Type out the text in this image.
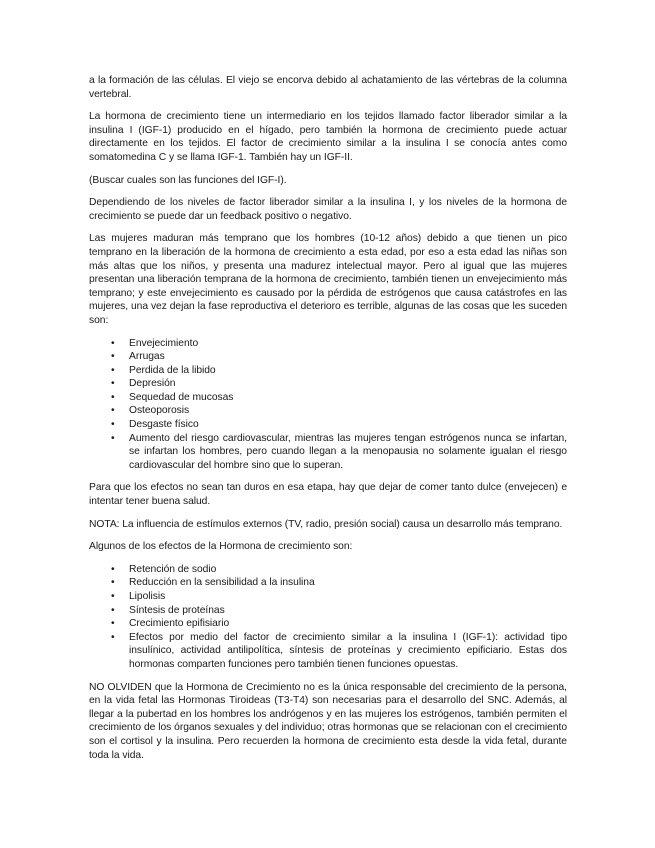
a la formación de las células. El viejo se encorva debido al achatamiento de las vértebras de la columna vertebral.

La hormona de crecimiento tiene un intermediario en los tejidos llamado factor liberador similar a la insulina I (IGF-1) producido en el hígado, pero también la hormona de crecimiento puede actuar directamente en los tejidos. El factor de crecimiento similar a la insulina I se conocía antes como somatomedina C y se llama IGF-1. También hay un IGF-II.

(Buscar cuales son las funciones del IGF-I).

Dependiendo de los niveles de factor liberador similar a la insulina I, y los niveles de la hormona de crecimiento se puede dar un feedback positivo o negativo.

Las mujeres maduran más temprano que los hombres (10-12 años) debido a que tienen un pico temprano en la liberación de la hormona de crecimiento a esta edad, por eso a esta edad las niñas son más altas que los niños, y presenta una madurez intelectual mayor. Pero al igual que las mujeres presentan una liberación temprana de la hormona de crecimiento, también tienen un envejecimiento más temprano; y este envejecimiento es causado por la pérdida de estrógenos que causa catástrofes en las mujeres, una vez dejan la fase reproductiva el deterioro es terrible, algunas de las cosas que les suceden son:

• Envejecimiento
• Arrugas
• Perdida de la libido
• Depresión
• Sequedad de mucosas
• Osteoporosis
• Desgaste físico
• Aumento del riesgo cardiovascular, mientras las mujeres tengan estrógenos nunca se infartan, se infartan los hombres, pero cuando llegan a la menopausia no solamente igualan el riesgo cardiovascular del hombre sino que lo superan.

Para que los efectos no sean tan duros en esa etapa, hay que dejar de comer tanto dulce (envejecen) e intentar tener buena salud.

NOTA: La influencia de estímulos externos (TV, radio, presión social) causa un desarrollo más temprano.

Algunos de los efectos de la Hormona de crecimiento son:

• Retención de sodio
• Reducción en la sensibilidad a la insulina
• Lipolisis
• Síntesis de proteínas
• Crecimiento epifisiario
• Efectos por medio del factor de crecimiento similar a la insulina I (IGF-1): actividad tipo insulínico, actividad antilipolítica, síntesis de proteínas y crecimiento epificiario. Estas dos hormonas comparten funciones pero también tienen funciones opuestas.

NO OLVIDEN que la Hormona de Crecimiento no es la única responsable del crecimiento de la persona, en la vida fetal las Hormonas Tiroideas (T3-T4) son necesarias para el desarrollo del SNC. Además, al llegar a la pubertad en los hombres los andrógenos y en las mujeres los estrógenos, también permiten el crecimiento de los órganos sexuales y del individuo; otras hormonas que se relacionan con el crecimiento son el cortisol y la insulina. Pero recuerden la hormona de crecimiento esta desde la vida fetal, durante toda la vida.
